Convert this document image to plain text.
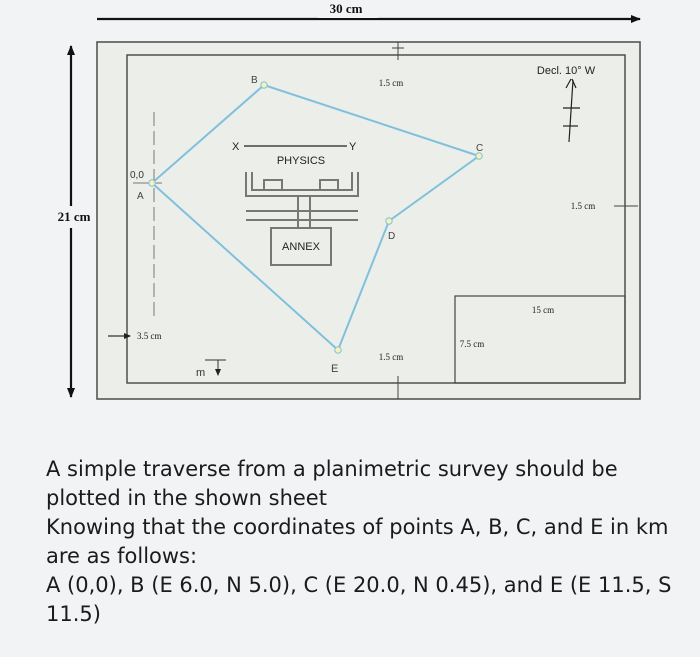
30 cm
21 cm
1.5 cm
1.5 cm
1.5 cm
3.5 cm
15 cm
7.5 cm
Decl. 10° W
0,0
m
X	Y
PHYSICS
ANNEX
A
B
C
D
E

A simple traverse from a planimetric survey should be plotted in the shown sheet

Knowing that the coordinates of points A, B, C, and E in km are as follows:

A (0,0), B (E 6.0, N 5.0), C (E 20.0, N 0.45), and E (E 11.5, S 11.5)
